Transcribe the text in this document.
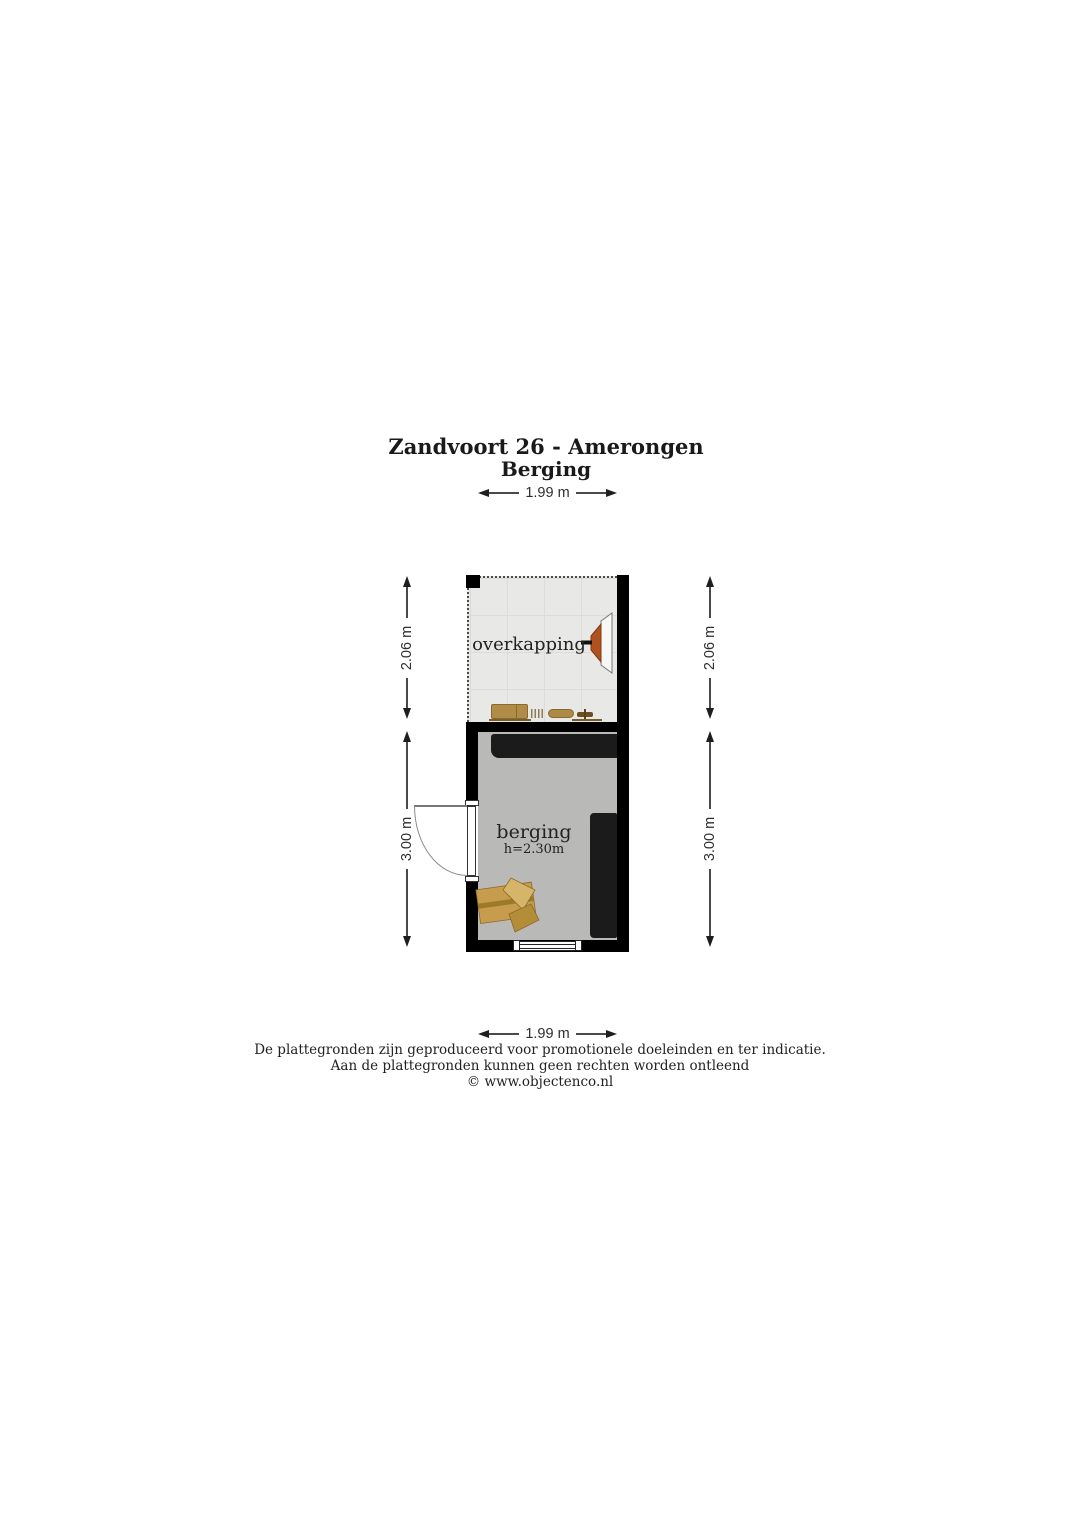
Zandvoort 26 - Amerongen
Berging
1.99 m
2.06 m
3.00 m
2.06 m
3.00 m
overkapping
berging
h=2.30m
1.99 m
De plattegronden zijn geproduceerd voor promotionele doeleinden en ter indicatie.
Aan de plattegronden kunnen geen rechten worden ontleend
© www.objectenco.nl
